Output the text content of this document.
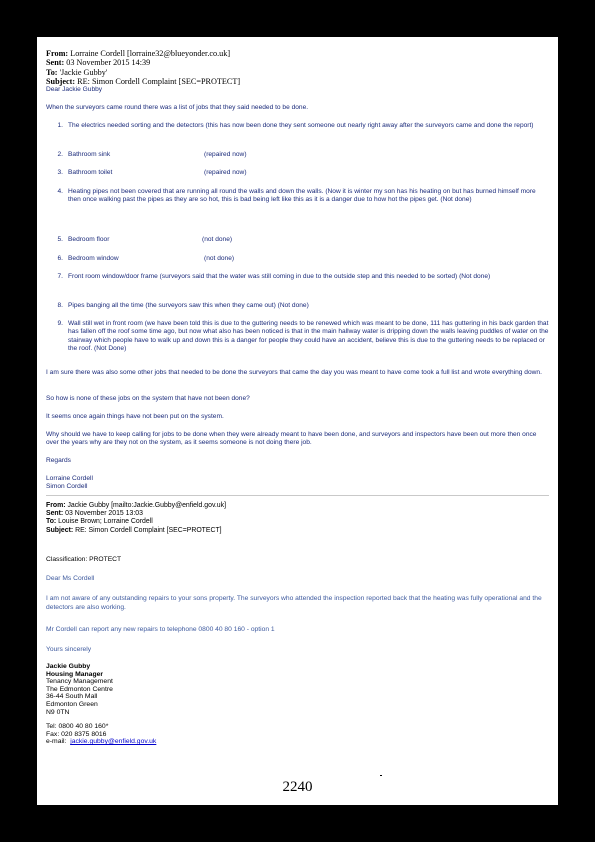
From: Lorraine Cordell [lorraine32@blueyonder.co.uk]
Sent: 03 November 2015 14:39
To: 'Jackie Gubby'
Subject: RE: Simon Cordell Complaint [SEC=PROTECT]
Dear Jackie Gubby
When the surveyors came round there was a list of jobs that they said needed to be done.
1. The electrics needed sorting and the detectors (this has now been done they sent someone out nearly right away after the surveyors came and done the report)
2. Bathroom sink	(repaired now)
3. Bathroom toilet	(repaired now)
4. Heating pipes not been covered that are running all round the walls and down the walls. (Now it is winter my son has his heating on but has burned himself more then once walking past the pipes as they are so hot, this is bad being left like this as it is a danger due to how hot the pipes get. (Not done)
5. Bedroom floor	(not done)
6. Bedroom window	(not done)
7. Front room window/door frame (surveyors said that the water was still coming in due to the outside step and this needed to be sorted) (Not done)
8. Pipes banging all the time (the surveyors saw this when they came out) (Not done)
9. Wall still wet in front room (we have been told this is due to the guttering needs to be renewed which was meant to be done, 111 has guttering in his back garden that has fallen off the roof some time ago, but now what also has been noticed is that in the main hallway water is dripping down the walls leaving puddles of water on the stairway which people have to walk up and down this is a danger for people they could have an accident, believe this is due to the guttering needs to be replaced or the roof. (Not Done)
I am sure there was also some other jobs that needed to be done the surveyors that came the day you was meant to have come took a full list and wrote everything down.
So how is none of these jobs on the system that have not been done?
It seems once again things have not been put on the system.
Why should we have to keep calling for jobs to be done when they were already meant to have been done, and surveyors and inspectors have been out more then once over the years why are they not on the system, as it seems someone is not doing there job.
Regards
Lorraine Cordell
Simon Cordell
From: Jackie Gubby [mailto:Jackie.Gubby@enfield.gov.uk]
Sent: 03 November 2015 13:03
To: Louise Brown; Lorraine Cordell
Subject: RE: Simon Cordell Complaint [SEC=PROTECT]
Classification: PROTECT
Dear Ms Cordell
I am not aware of any outstanding repairs to your sons property. The surveyors who attended the inspection reported back that the heating was fully operational and the detectors are also working.
Mr Cordell can report any new repairs to telephone 0800 40 80 160 - option 1
Yours sincerely
Jackie Gubby
Housing Manager
Tenancy Management
The Edmonton Centre
36-44 South Mall
Edmonton Green
N9 0TN
Tel: 0800 40 80 160*
Fax: 020 8375 8016
e-mail: jackie.gubby@enfield.gov.uk
2240
